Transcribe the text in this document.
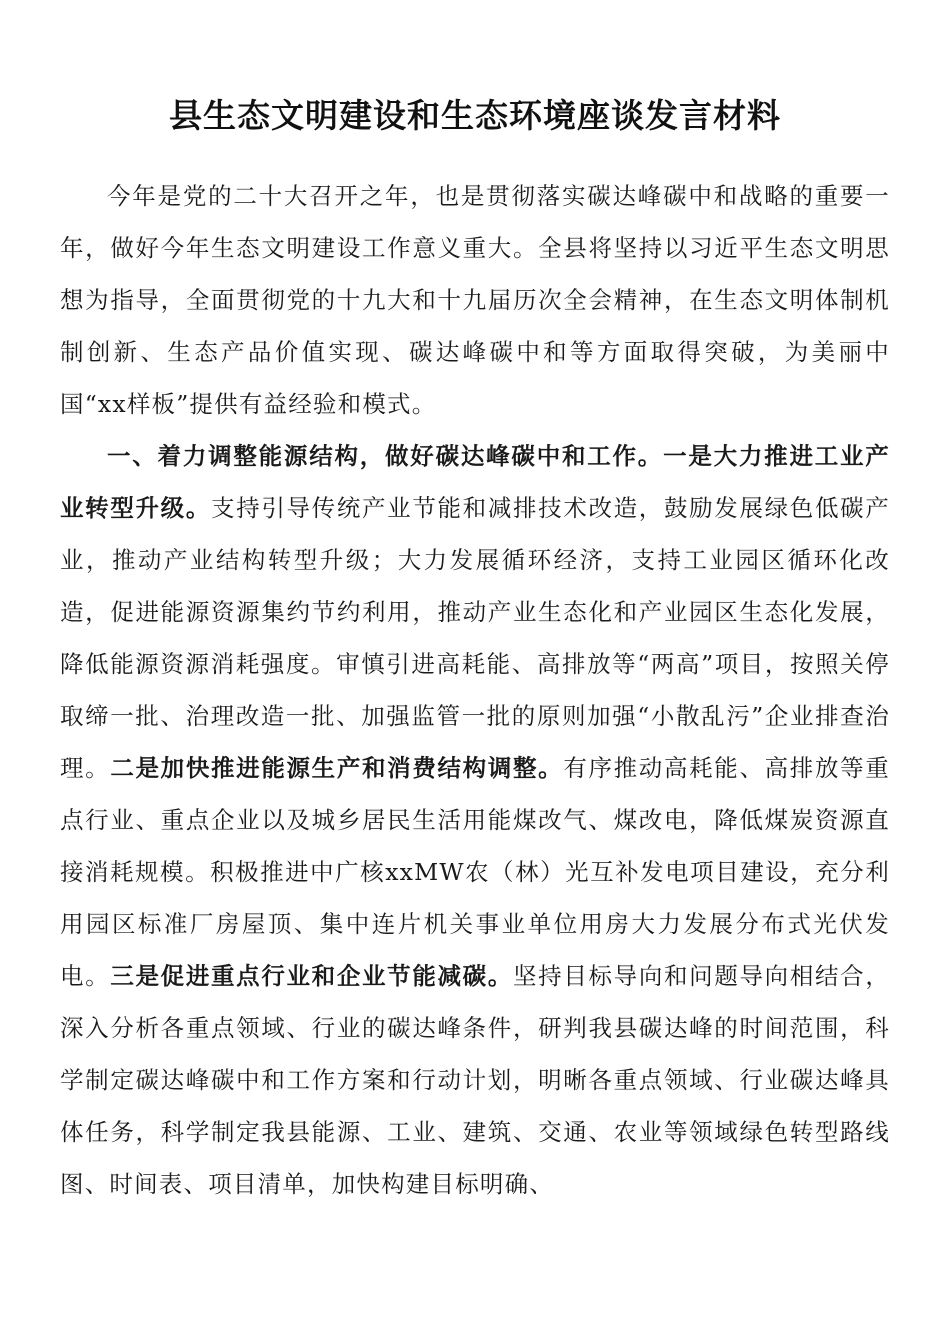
县生态文明建设和生态环境座谈发言材料

今年是党的二十大召开之年，也是贯彻落实碳达峰碳中和战略的重要一年，做好今年生态文明建设工作意义重大。全县将坚持以习近平生态文明思想为指导，全面贯彻党的十九大和十九届历次全会精神，在生态文明体制机制创新、生态产品价值实现、碳达峰碳中和等方面取得突破，为美丽中国“xx样板”提供有益经验和模式。

一、着力调整能源结构，做好碳达峰碳中和工作。一是大力推进工业产业转型升级。支持引导传统产业节能和减排技术改造，鼓励发展绿色低碳产业，推动产业结构转型升级；大力发展循环经济，支持工业园区循环化改造，促进能源资源集约节约利用，推动产业生态化和产业园区生态化发展，降低能源资源消耗强度。审慎引进高耗能、高排放等“两高”项目，按照关停取缔一批、治理改造一批、加强监管一批的原则加强“小散乱污”企业排查治理。二是加快推进能源生产和消费结构调整。有序推动高耗能、高排放等重点行业、重点企业以及城乡居民生活用能煤改气、煤改电，降低煤炭资源直接消耗规模。积极推进中广核xxMW农（林）光互补发电项目建设，充分利用园区标准厂房屋顶、集中连片机关事业单位用房大力发展分布式光伏发电。三是促进重点行业和企业节能减碳。坚持目标导向和问题导向相结合，深入分析各重点领域、行业的碳达峰条件，研判我县碳达峰的时间范围，科学制定碳达峰碳中和工作方案和行动计划，明晰各重点领域、行业碳达峰具体任务，科学制定我县能源、工业、建筑、交通、农业等领域绿色转型路线图、时间表、项目清单，加快构建目标明确、
